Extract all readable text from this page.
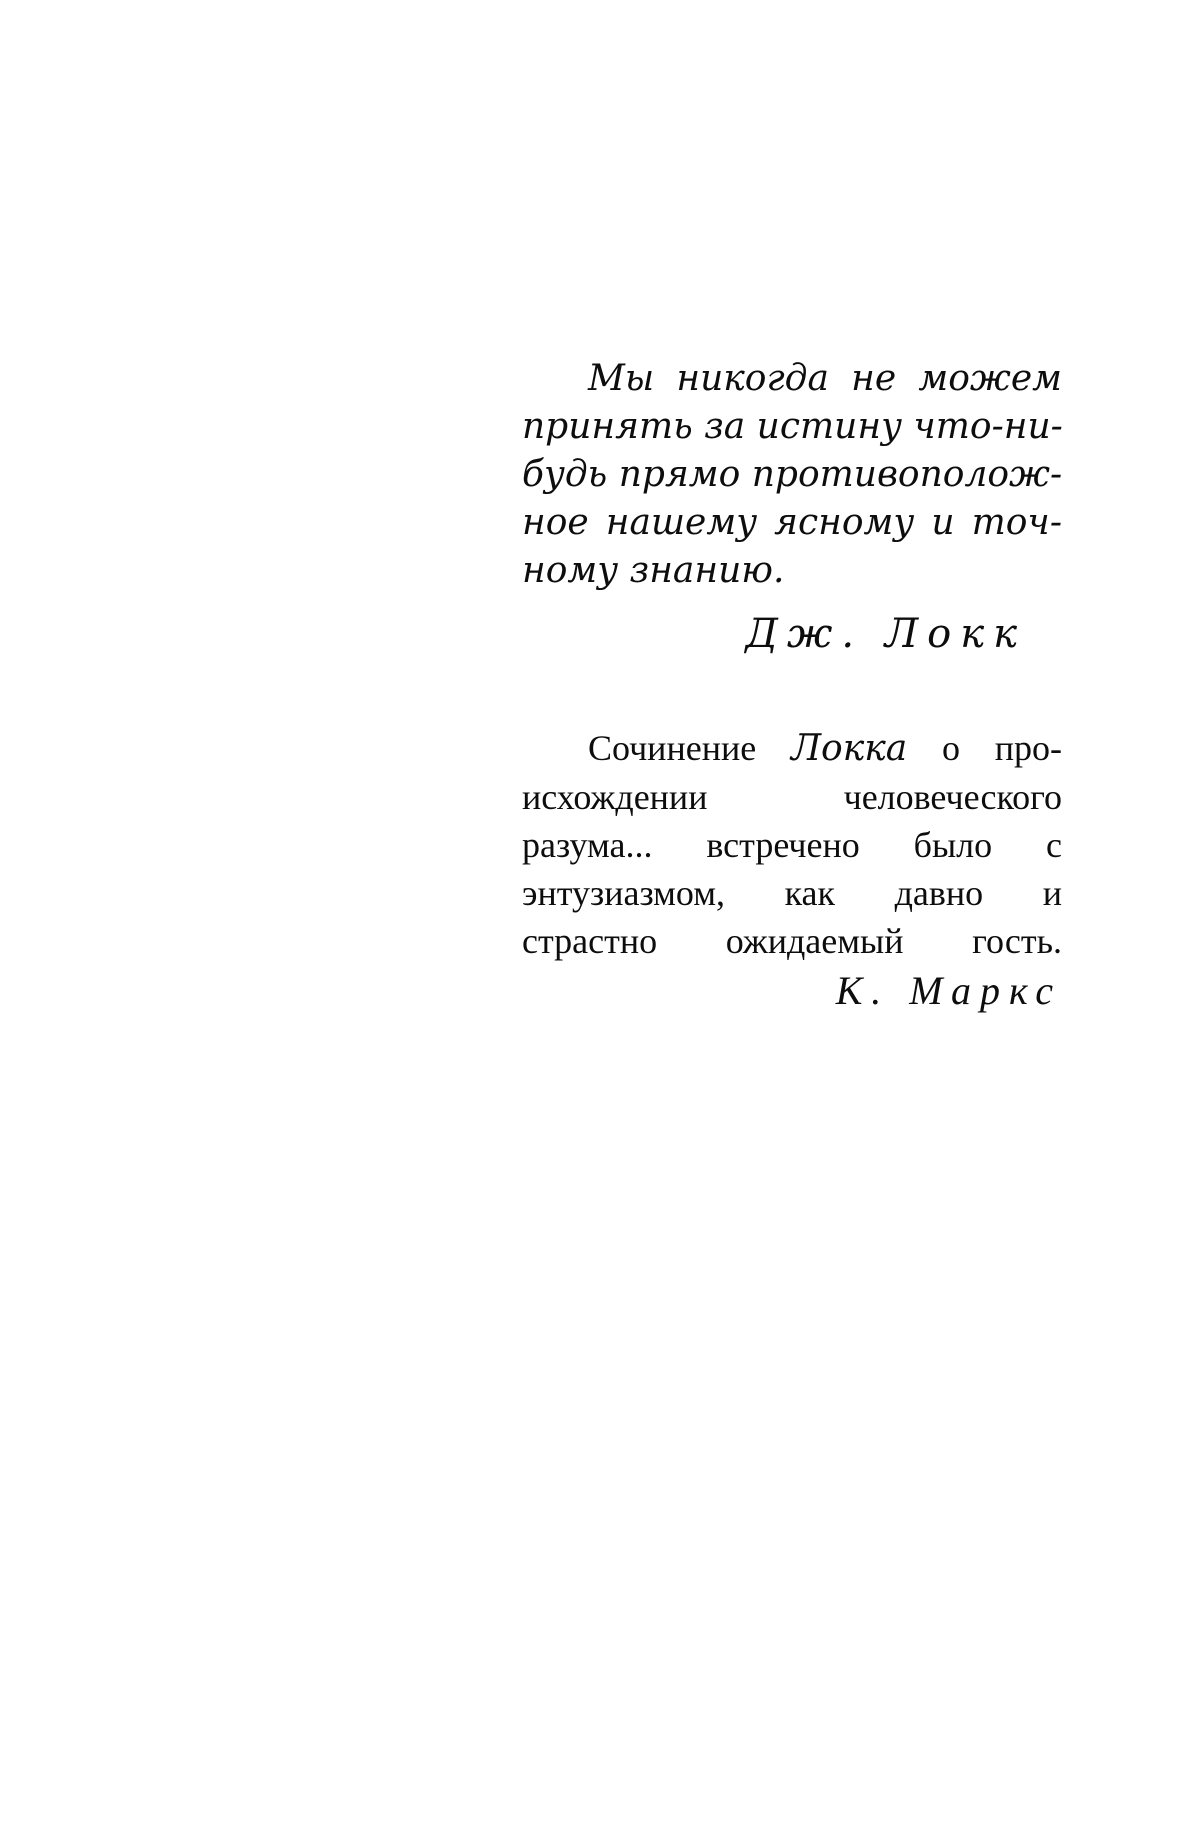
Мы никогда не можем
принять за истину что-ни-
будь прямо противополож-
ное нашему ясному и точ-
ному знанию.
Дж. Локк
Сочинение Локка о про-
исхождении человеческого
разума... встречено было с
энтузиазмом, как давно и
страстно ожидаемый гость.
К. Маркс
